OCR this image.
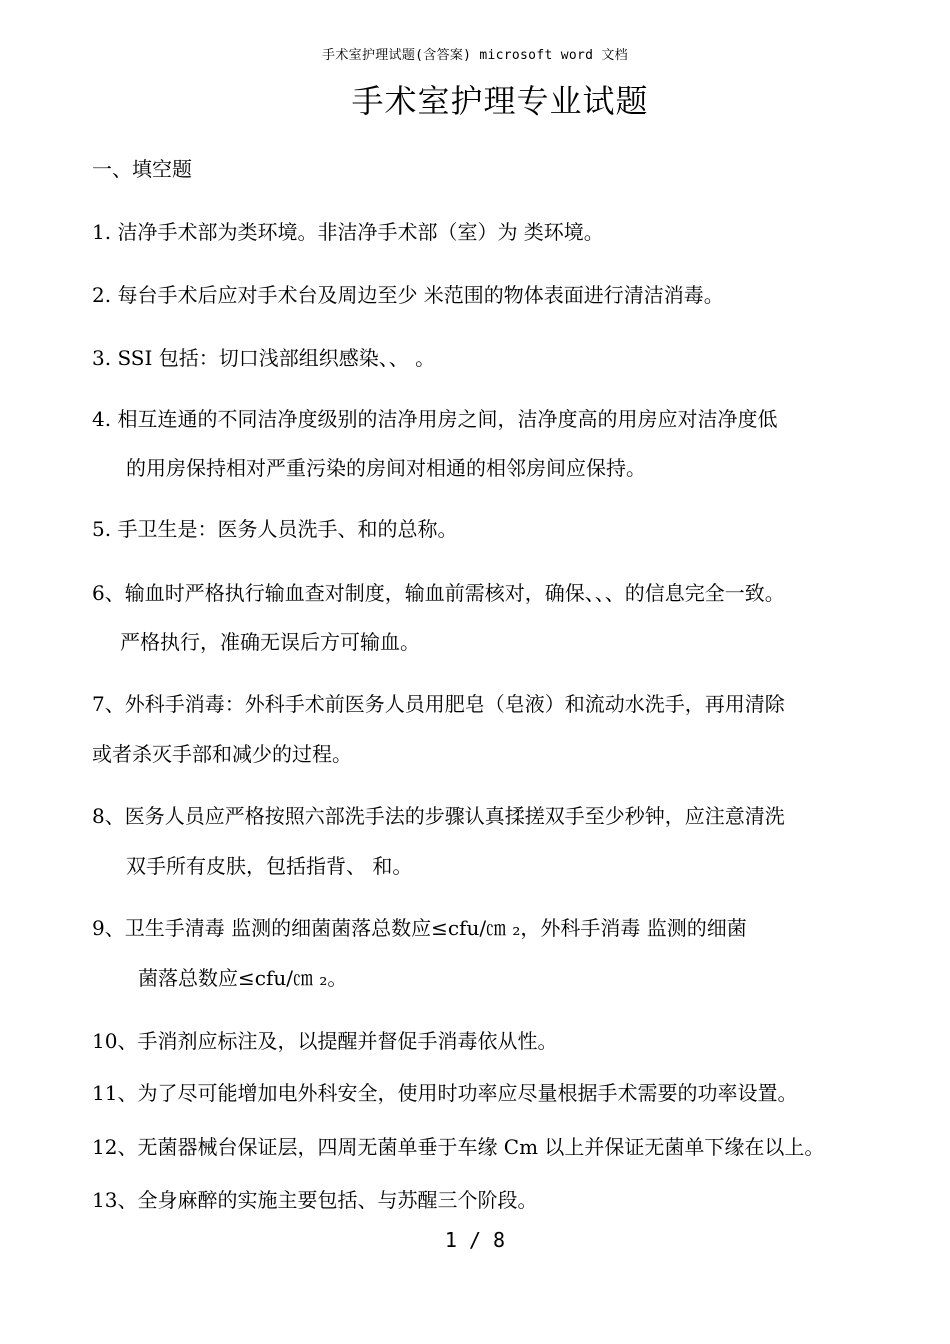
手术室护理试题(含答案) microsoft word 文档
手术室护理专业试题
一、填空题
1. 洁净手术部为类环境。非洁净手术部（室）为 类环境。
2. 每台手术后应对手术台及周边至少 米范围的物体表面进行清洁消毒。
3. SSI 包括：切口浅部组织感染、、 。
4. 相互连通的不同洁净度级别的洁净用房之间，洁净度高的用房应对洁净度低
的用房保持相对严重污染的房间对相通的相邻房间应保持。
5. 手卫生是：医务人员洗手、和的总称。
6、输血时严格执行输血查对制度，输血前需核对，确保、、、的信息完全一致。
严格执行，准确无误后方可输血。
7、外科手消毒：外科手术前医务人员用肥皂（皂液）和流动水洗手，再用清除
或者杀灭手部和减少的过程。
8、医务人员应严格按照六部洗手法的步骤认真揉搓双手至少秒钟，应注意清洗
双手所有皮肤，包括指背、 和。
9、卫生手清毒 监测的细菌菌落总数应≤cfu/㎝ ₂，外科手消毒 监测的细菌
菌落总数应≤cfu/㎝ ₂。
10、手消剂应标注及，以提醒并督促手消毒依从性。
11、为了尽可能增加电外科安全，使用时功率应尽量根据手术需要的功率设置。
12、无菌器械台保证层，四周无菌单垂于车缘 Cm 以上并保证无菌单下缘在以上。
13、全身麻醉的实施主要包括、与苏醒三个阶段。
1 / 8
